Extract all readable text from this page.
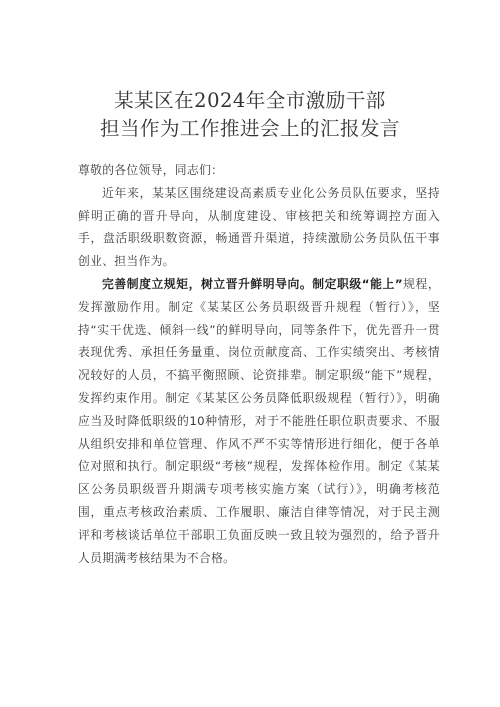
某某区在2024年全市激励干部
担当作为工作推进会上的汇报发言

尊敬的各位领导，同志们：

近年来，某某区围绕建设高素质专业化公务员队伍要求，坚持鲜明正确的晋升导向，从制度建设、审核把关和统筹调控方面入手，盘活职级职数资源，畅通晋升渠道，持续激励公务员队伍干事创业、担当作为。

完善制度立规矩，树立晋升鲜明导向。制定职级“能上”规程，发挥激励作用。制定《某某区公务员职级晋升规程（暂行）》，坚持“实干优选、倾斜一线”的鲜明导向，同等条件下，优先晋升一贯表现优秀、承担任务量重、岗位贡献度高、工作实绩突出、考核情况较好的人员，不搞平衡照顾、论资排辈。制定职级“能下”规程，发挥约束作用。制定《某某区公务员降低职级规程（暂行）》，明确应当及时降低职级的10种情形，对于不能胜任职位职责要求、不服从组织安排和单位管理、作风不严不实等情形进行细化，便于各单位对照和执行。制定职级“考核”规程，发挥体检作用。制定《某某区公务员职级晋升期满专项考核实施方案（试行）》，明确考核范围，重点考核政治素质、工作履职、廉洁自律等情况，对于民主测评和考核谈话单位干部职工负面反映一致且较为强烈的，给予晋升人员期满考核结果为不合格。
